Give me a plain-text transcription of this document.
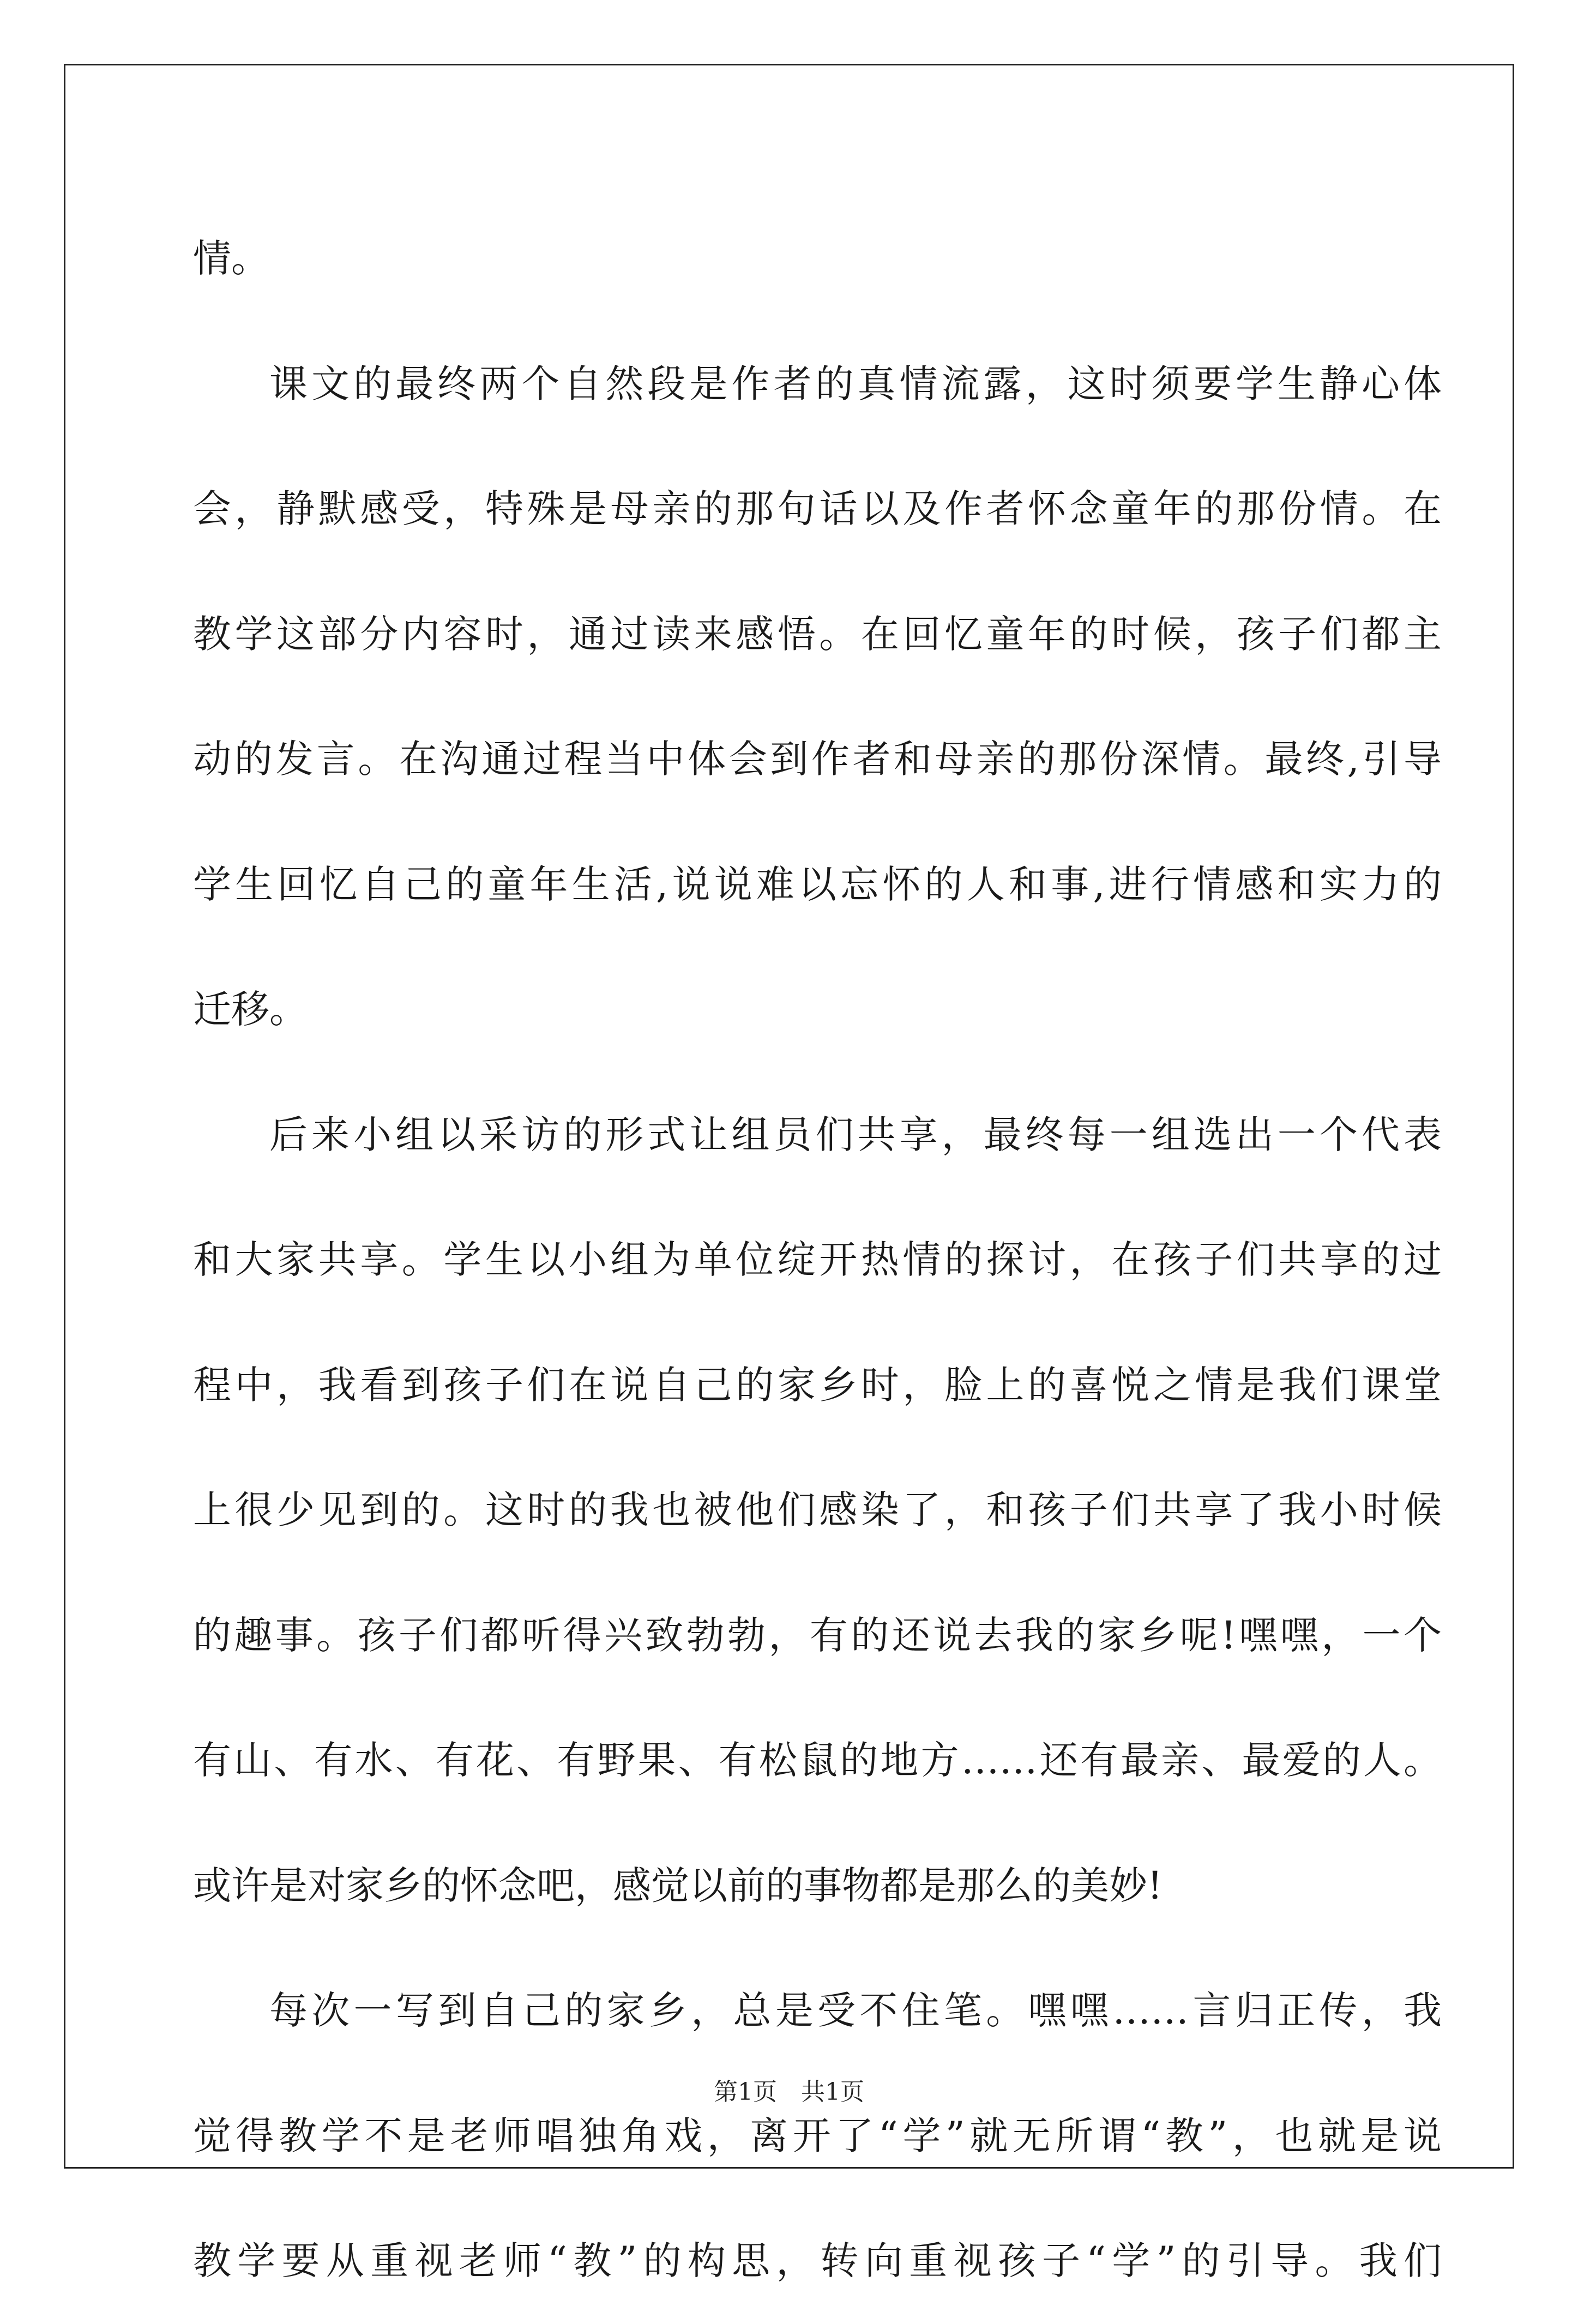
情。
课文的最终两个自然段是作者的真情流露，这时须要学生静心体
会，静默感受，特殊是母亲的那句话以及作者怀念童年的那份情。在
教学这部分内容时，通过读来感悟。在回忆童年的时候，孩子们都主
动的发言。在沟通过程当中体会到作者和母亲的那份深情。最终,引导
学生回忆自己的童年生活,说说难以忘怀的人和事,进行情感和实力的
迁移。
后来小组以采访的形式让组员们共享，最终每一组选出一个代表
和大家共享。学生以小组为单位绽开热情的探讨，在孩子们共享的过
程中，我看到孩子们在说自己的家乡时，脸上的喜悦之情是我们课堂
上很少见到的。这时的我也被他们感染了，和孩子们共享了我小时候
的趣事。孩子们都听得兴致勃勃，有的还说去我的家乡呢!嘿嘿，一个
有山、有水、有花、有野果、有松鼠的地方……还有最亲、最爱的人。
或许是对家乡的怀念吧，感觉以前的事物都是那么的美妙!
每次一写到自己的家乡，总是受不住笔。嘿嘿……言归正传，我
觉得教学不是老师唱独角戏，离开了“学”就无所谓“教”，也就是说
教学要从重视老师“教”的构思，转向重视孩子“学”的引导。我们
第1页　共1页
